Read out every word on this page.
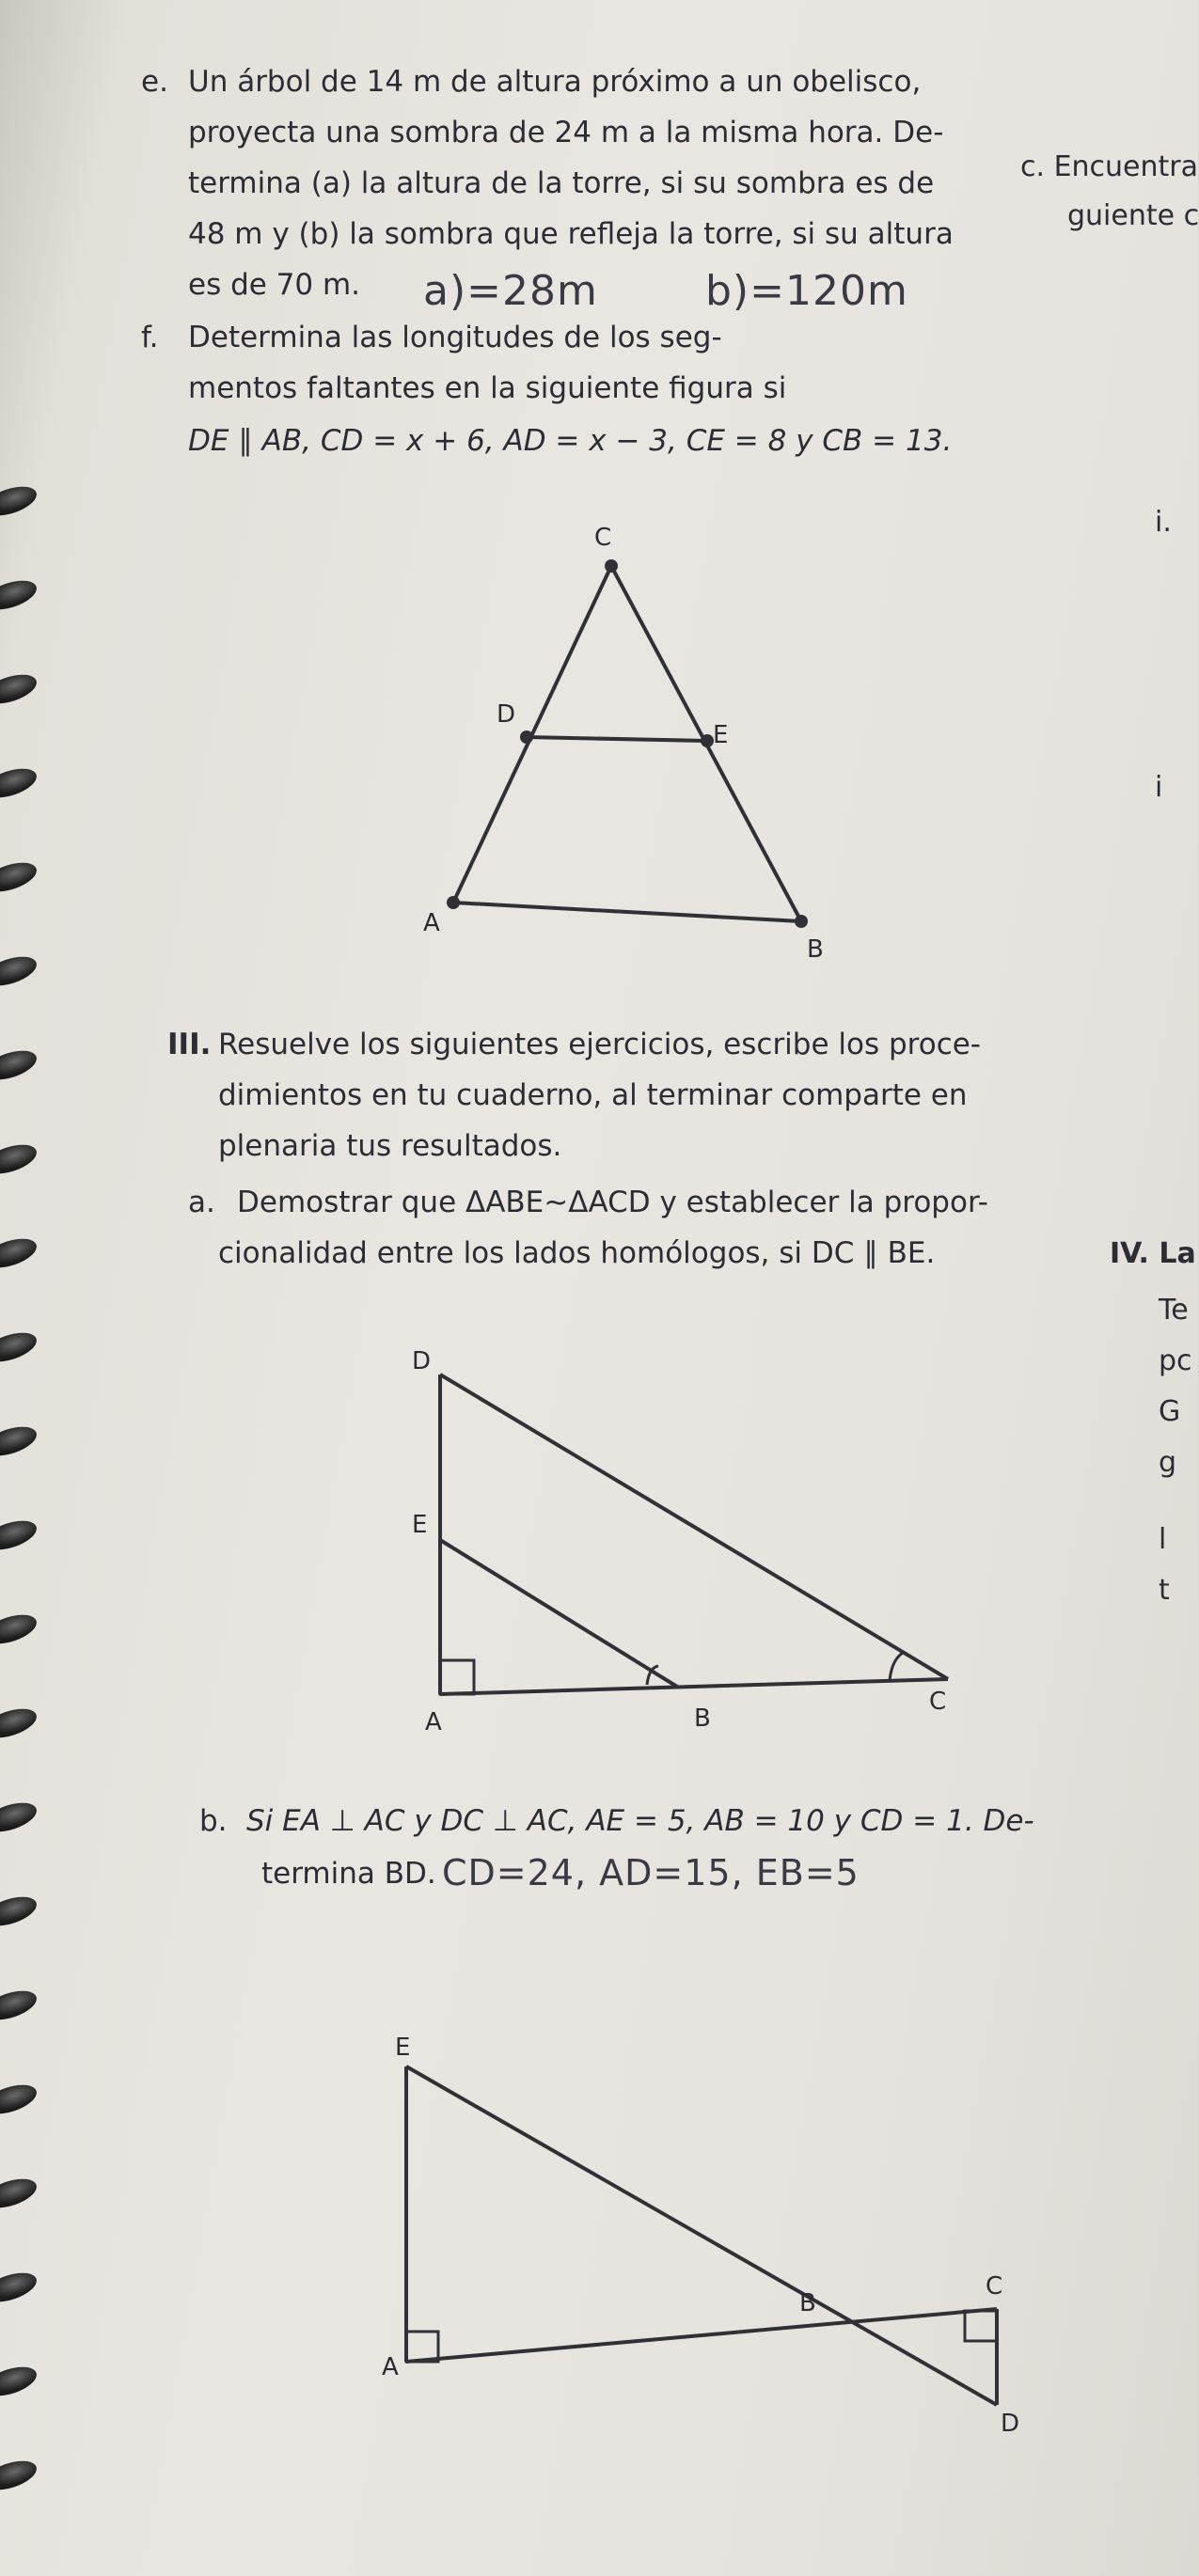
e. Un árbol de 14 m de altura próximo a un obelisco,
proyecta una sombra de 24 m a la misma hora. De-
termina (a) la altura de la torre, si su sombra es de
48 m y (b) la sombra que refleja la torre, si su altura
es de 70 m. a)=28m	b)=120m
c. Encuentra
guiente c
i.
i
f. Determina las longitudes de los seg-
mentos faltantes en la siguiente figura si
DE ∥ AB, CD = x + 6, AD = x − 3, CE = 8 y CB = 13.
C
D
E
A
B
III. Resuelve los siguientes ejercicios, escribe los proce-
dimientos en tu cuaderno, al terminar comparte en
plenaria tus resultados.
a. Demostrar que ΔABE~ΔACD y establecer la propor-
cionalidad entre los lados homólogos, si DC ∥ BE.	IV. La
Te
pc
G
g
l
t
D
E
A	B
C
b. Si EA ⊥ AC y DC ⊥ AC, AE = 5, AB = 10 y CD = 1. De-
termina BD. CD=24, AD=15, EB=5
E
A
B
C
D
